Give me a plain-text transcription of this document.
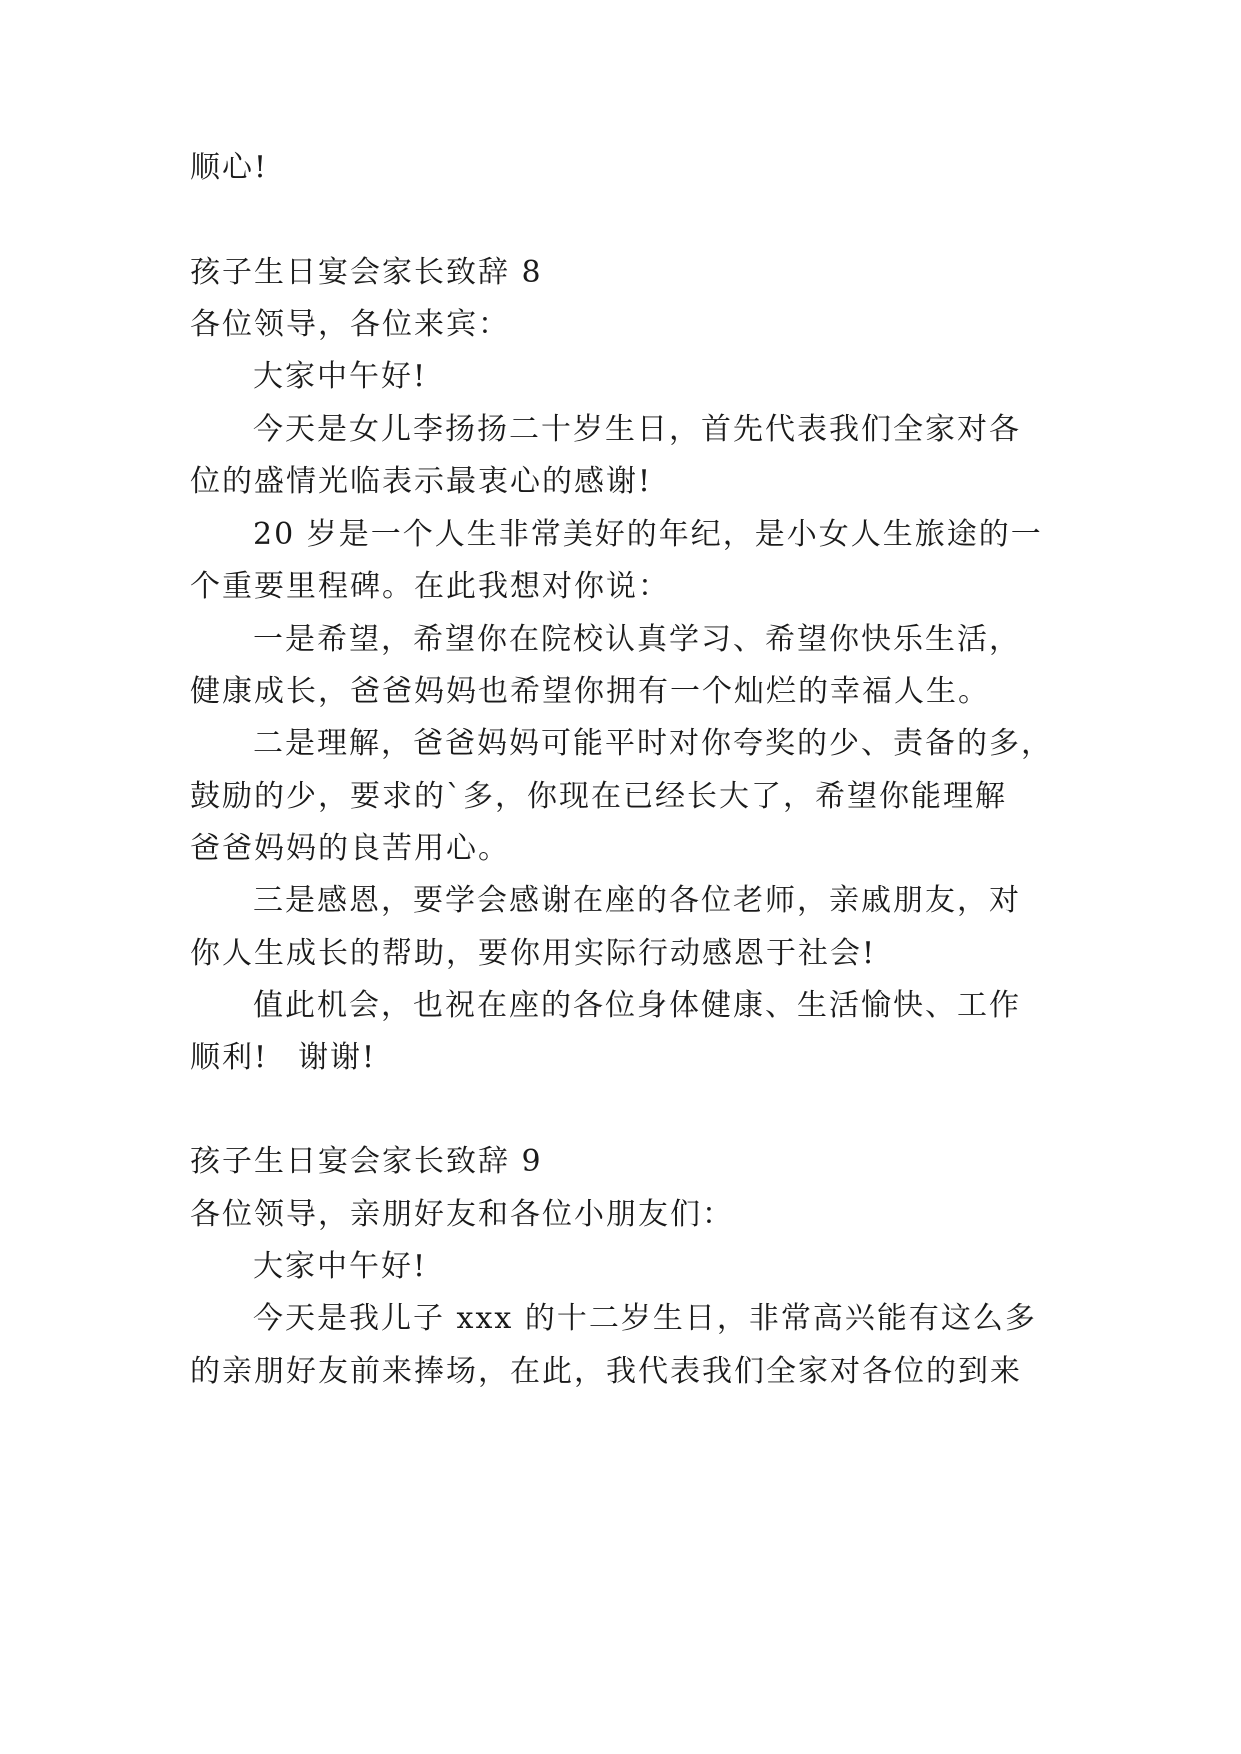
顺心!
孩子生日宴会家长致辞 8
各位领导，各位来宾：
大家中午好!
今天是女儿李扬扬二十岁生日，首先代表我们全家对各
位的盛情光临表示最衷心的感谢!
20 岁是一个人生非常美好的年纪，是小女人生旅途的一
个重要里程碑。在此我想对你说：
一是希望，希望你在院校认真学习、希望你快乐生活，
健康成长，爸爸妈妈也希望你拥有一个灿烂的幸福人生。
二是理解，爸爸妈妈可能平时对你夸奖的少、责备的多，
鼓励的少，要求的`多，你现在已经长大了，希望你能理解
爸爸妈妈的良苦用心。
三是感恩，要学会感谢在座的各位老师，亲戚朋友，对
你人生成长的帮助，要你用实际行动感恩于社会!
值此机会，也祝在座的各位身体健康、生活愉快、工作
顺利! 谢谢!
孩子生日宴会家长致辞 9
各位领导，亲朋好友和各位小朋友们：
大家中午好!
今天是我儿子 xxx 的十二岁生日，非常高兴能有这么多
的亲朋好友前来捧场，在此，我代表我们全家对各位的到来
